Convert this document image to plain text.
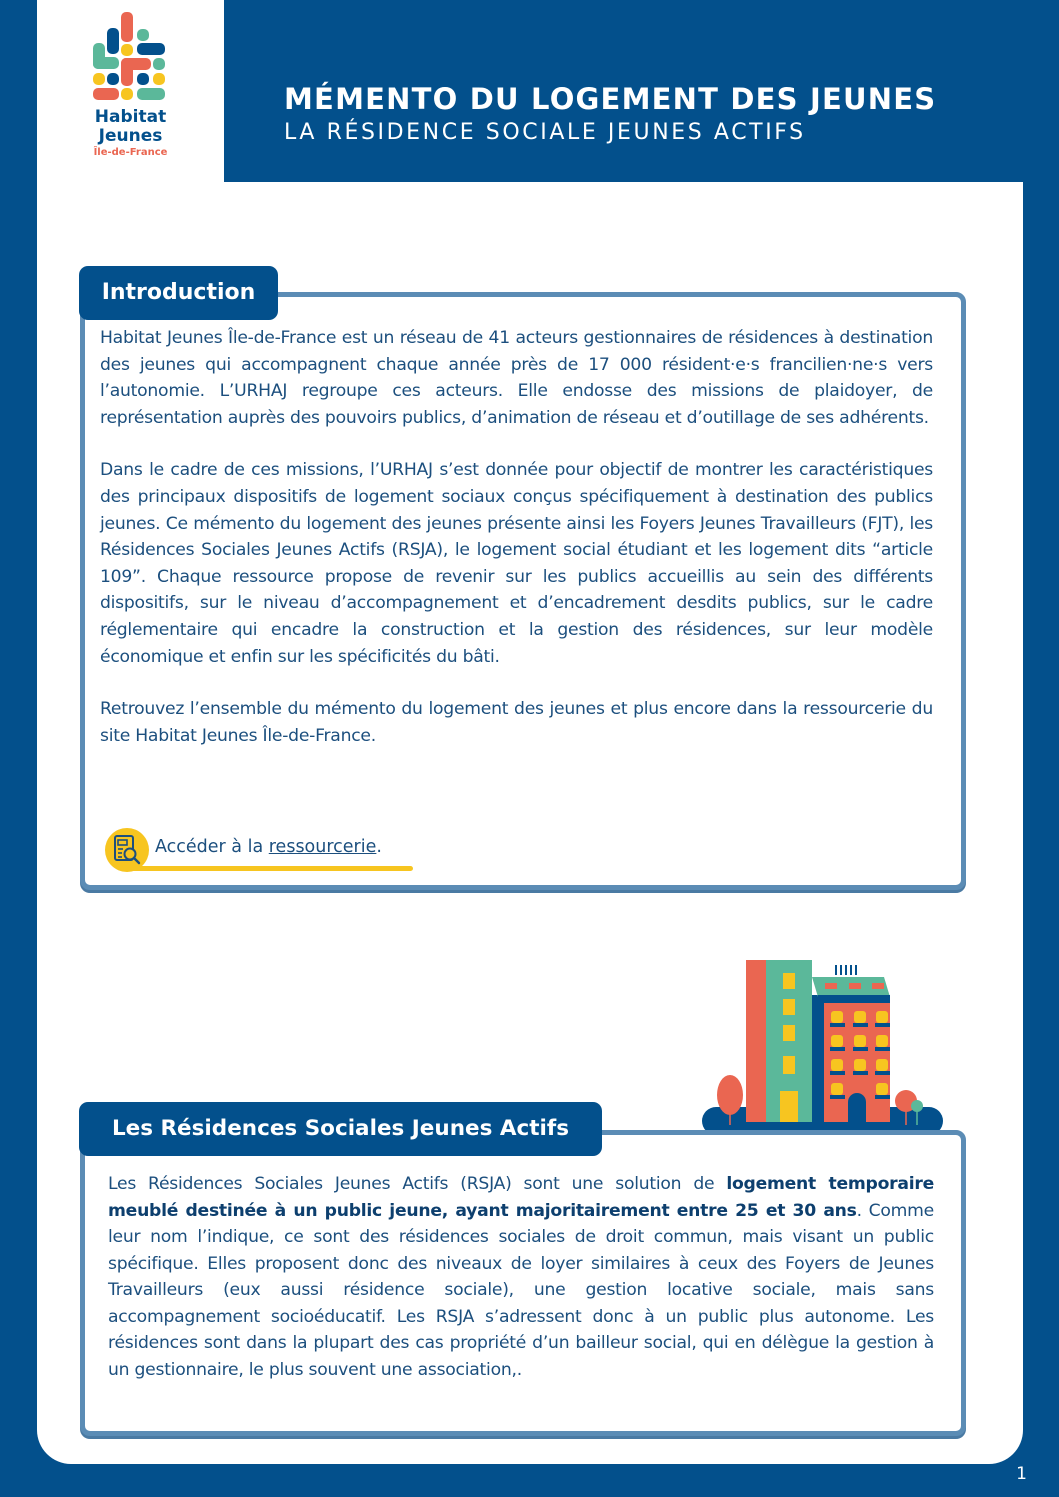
Habitat
Jeunes
Île-de-France
MÉMENTO DU LOGEMENT DES JEUNES
LA RÉSIDENCE SOCIALE JEUNES ACTIFS

Habitat Jeunes Île-de-France est un réseau de 41 acteurs gestionnaires de résidences à destination des jeunes qui accompagnent chaque année près de 17 000 résident·e·s francilien·ne·s vers l’autonomie. L’URHAJ regroupe ces acteurs. Elle endosse des missions de plaidoyer, de représentation auprès des pouvoirs publics, d’animation de réseau et d’outillage de ses adhérents.

Dans le cadre de ces missions, l’URHAJ s’est donnée pour objectif de montrer les caractéristiques des principaux dispositifs de logement sociaux conçus spécifiquement à destination des publics jeunes. Ce mémento du logement des jeunes présente ainsi les Foyers Jeunes Travailleurs (FJT), les Résidences Sociales Jeunes Actifs (RSJA), le logement social étudiant et les logement dits “article 109”. Chaque ressource propose de revenir sur les publics accueillis au sein des différents dispositifs, sur le niveau d’accompagnement et d’encadrement desdits publics, sur le cadre réglementaire qui encadre la construction et la gestion des résidences, sur leur modèle économique et enfin sur les spécificités du bâti.

Retrouvez l’ensemble du mémento du logement des jeunes et plus encore dans la ressourcerie du site Habitat Jeunes Île-de-France.

Accéder à la ressourcerie.
Introduction

Les Résidences Sociales Jeunes Actifs (RSJA) sont une solution de logement temporaire meublé destinée à un public jeune, ayant majoritairement entre 25 et 30 ans. Comme leur nom l’indique, ce sont des résidences sociales de droit commun, mais visant un public spécifique. Elles proposent donc des niveaux de loyer similaires à ceux des Foyers de Jeunes Travailleurs (eux aussi résidence sociale), une gestion locative sociale, mais sans accompagnement socioéducatif. Les RSJA s’adressent donc à un public plus autonome. Les résidences sont dans la plupart des cas propriété d’un bailleur social, qui en délègue la gestion à un gestionnaire, le plus souvent une association,.

Les Résidences Sociales Jeunes Actifs
1
